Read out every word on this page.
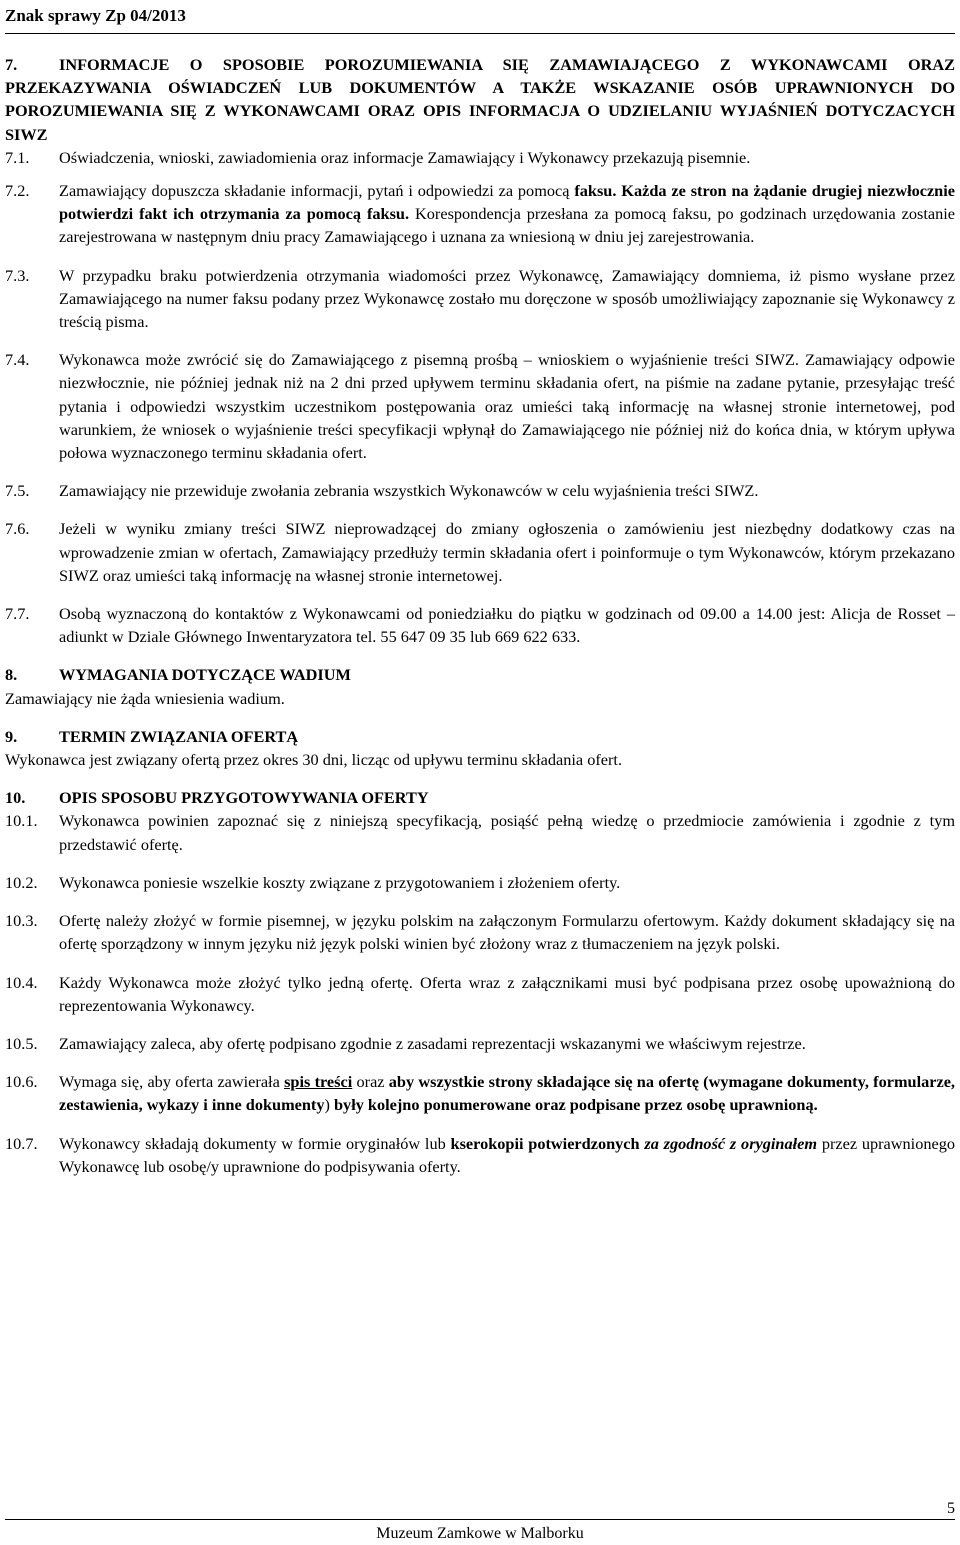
Znak sprawy Zp 04/2013
7.	INFORMACJE O SPOSOBIE POROZUMIEWANIA SIĘ ZAMAWIAJĄCEGO Z WYKONAWCAMI ORAZ PRZEKAZYWANIA OŚWIADCZEŃ LUB DOKUMENTÓW A TAKŻE WSKAZANIE OSÓB UPRAWNIONYCH DO POROZUMIEWANIA SIĘ Z WYKONAWCAMI ORAZ OPIS INFORMACJA O UDZIELANIU WYJAŚNIEŃ DOTYCZACYCH SIWZ
7.1. Oświadczenia, wnioski, zawiadomienia oraz informacje Zamawiający i Wykonawcy przekazują pisemnie.
7.2. Zamawiający dopuszcza składanie informacji, pytań i odpowiedzi za pomocą faksu. Każda ze stron na żądanie drugiej niezwłocznie potwierdzi fakt ich otrzymania za pomocą faksu. Korespondencja przesłana za pomocą faksu, po godzinach urzędowania zostanie zarejestrowana w następnym dniu pracy Zamawiającego i uznana za wniesioną w dniu jej zarejestrowania.
7.3. W przypadku braku potwierdzenia otrzymania wiadomości przez Wykonawcę, Zamawiający domniema, iż pismo wysłane przez Zamawiającego na numer faksu podany przez Wykonawcę zostało mu doręczone w sposób umożliwiający zapoznanie się Wykonawcy z treścią pisma.
7.4. Wykonawca może zwrócić się do Zamawiającego z pisemną prośbą – wnioskiem o wyjaśnienie treści SIWZ. Zamawiający odpowie niezwłocznie, nie później jednak niż na 2 dni przed upływem terminu składania ofert, na piśmie na zadane pytanie, przesyłając treść pytania i odpowiedzi wszystkim uczestnikom postępowania oraz umieści taką informację na własnej stronie internetowej, pod warunkiem, że wniosek o wyjaśnienie treści specyfikacji wpłynął do Zamawiającego nie później niż do końca dnia, w którym upływa połowa wyznaczonego terminu składania ofert.
7.5. Zamawiający nie przewiduje zwołania zebrania wszystkich Wykonawców w celu wyjaśnienia treści SIWZ.
7.6. Jeżeli w wyniku zmiany treści SIWZ nieprowadzącej do zmiany ogłoszenia o zamówieniu jest niezbędny dodatkowy czas na wprowadzenie zmian w ofertach, Zamawiający przedłuży termin składania ofert i poinformuje o tym Wykonawców, którym przekazano SIWZ oraz umieści taką informację na własnej stronie internetowej.
7.7. Osobą wyznaczoną do kontaktów z Wykonawcami od poniedziałku do piątku w godzinach od 09.00 a 14.00 jest: Alicja de Rosset – adiunkt w Dziale Głównego Inwentaryzatora tel. 55 647 09 35 lub 669 622 633.
8.	WYMAGANIA DOTYCZĄCE WADIUM
Zamawiający nie żąda wniesienia wadium.
9.	TERMIN ZWIĄZANIA OFERTĄ
Wykonawca jest związany ofertą przez okres 30 dni, licząc od upływu terminu składania ofert.
10. OPIS SPOSOBU PRZYGOTOWYWANIA OFERTY
10.1. Wykonawca powinien zapoznać się z niniejszą specyfikacją, posiąść pełną wiedzę o przedmiocie zamówienia i zgodnie z tym przedstawić ofertę.
10.2. Wykonawca poniesie wszelkie koszty związane z przygotowaniem i złożeniem oferty.
10.3. Ofertę należy złożyć w formie pisemnej, w języku polskim na załączonym Formularzu ofertowym. Każdy dokument składający się na ofertę sporządzony w innym języku niż język polski winien być złożony wraz z tłumaczeniem na język polski.
10.4. Każdy Wykonawca może złożyć tylko jedną ofertę. Oferta wraz z załącznikami musi być podpisana przez osobę upoważnioną do reprezentowania Wykonawcy.
10.5. Zamawiający zaleca, aby ofertę podpisano zgodnie z zasadami reprezentacji wskazanymi we właściwym rejestrze.
10.6. Wymaga się, aby oferta zawierała spis treści oraz aby wszystkie strony składające się na ofertę (wymagane dokumenty, formularze, zestawienia, wykazy i inne dokumenty) były kolejno ponumerowane oraz podpisane przez osobę uprawnioną.
10.7. Wykonawcy składają dokumenty w formie oryginałów lub kserokopii potwierdzonych za zgodność z oryginałem przez uprawnionego Wykonawcę lub osobę/y uprawnione do podpisywania oferty.
5
Muzeum Zamkowe w Malborku
